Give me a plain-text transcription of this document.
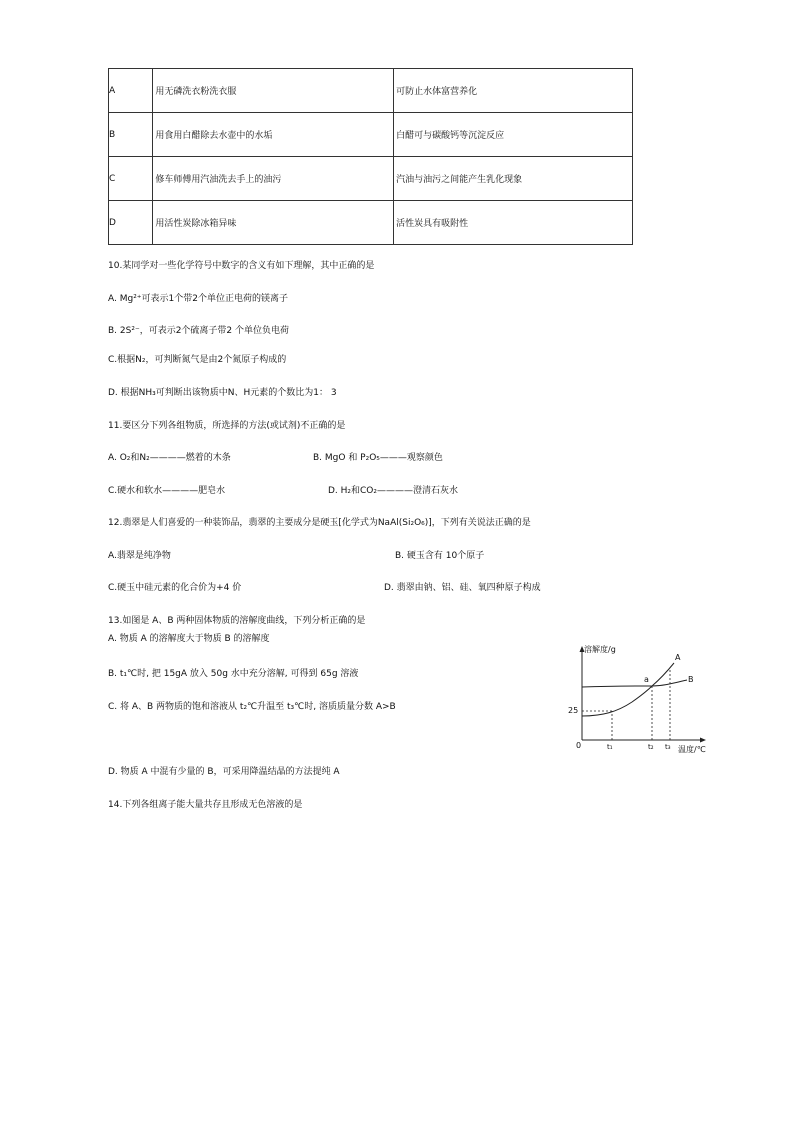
A	用无磷洗衣粉洗衣服	可防止水体富营养化
B	用食用白醋除去水壶中的水垢	白醋可与碳酸钙等沉淀反应
C	修车师傅用汽油洗去手上的油污	汽油与油污之间能产生乳化现象
D	用活性炭除冰箱异味	活性炭具有吸附性
10.某同学对一些化学符号中数字的含义有如下理解，其中正确的是
A. Mg²⁺可表示1个带2个单位正电荷的镁离子
B. 2S²⁻，可表示2个硫离子带2 个单位负电荷
C.根据N₂，可判断氮气是由2个氮原子构成的
D. 根据NH₃可判断出该物质中N、H元素的个数比为1： 3
11.要区分下列各组物质，所选择的方法(或试剂)不正确的是
A. O₂和N₂————燃着的木条	B. MgO 和 P₂O₅———观察颜色
C.硬水和软水————肥皂水	D. H₂和CO₂————澄清石灰水
12.翡翠是人们喜爱的一种装饰品，翡翠的主要成分是硬玉[化学式为NaAl(Si₂O₆)]，下列有关说法正确的是
A.翡翠是纯净物	B. 硬玉含有 10个原子
C.硬玉中硅元素的化合价为+4 价	D. 翡翠由钠、铝、硅、氧四种原子构成
13.如图是 A、B 两种固体物质的溶解度曲线，下列分析正确的是
A. 物质 A 的溶解度大于物质 B 的溶解度
B. t₁℃时, 把 15gA 放入 50g 水中充分溶解, 可得到 65g 溶液
C. 将 A、B 两物质的饱和溶液从 t₂℃升温至 t₃℃时, 溶质质量分数 A>B
D. 物质 A 中混有少量的 B，可采用降温结晶的方法提纯 A
14.下列各组离子能大量共存且形成无色溶液的是
溶解度/g
温度/℃
0
25
t₁	t₂ t₃
A
B
a
